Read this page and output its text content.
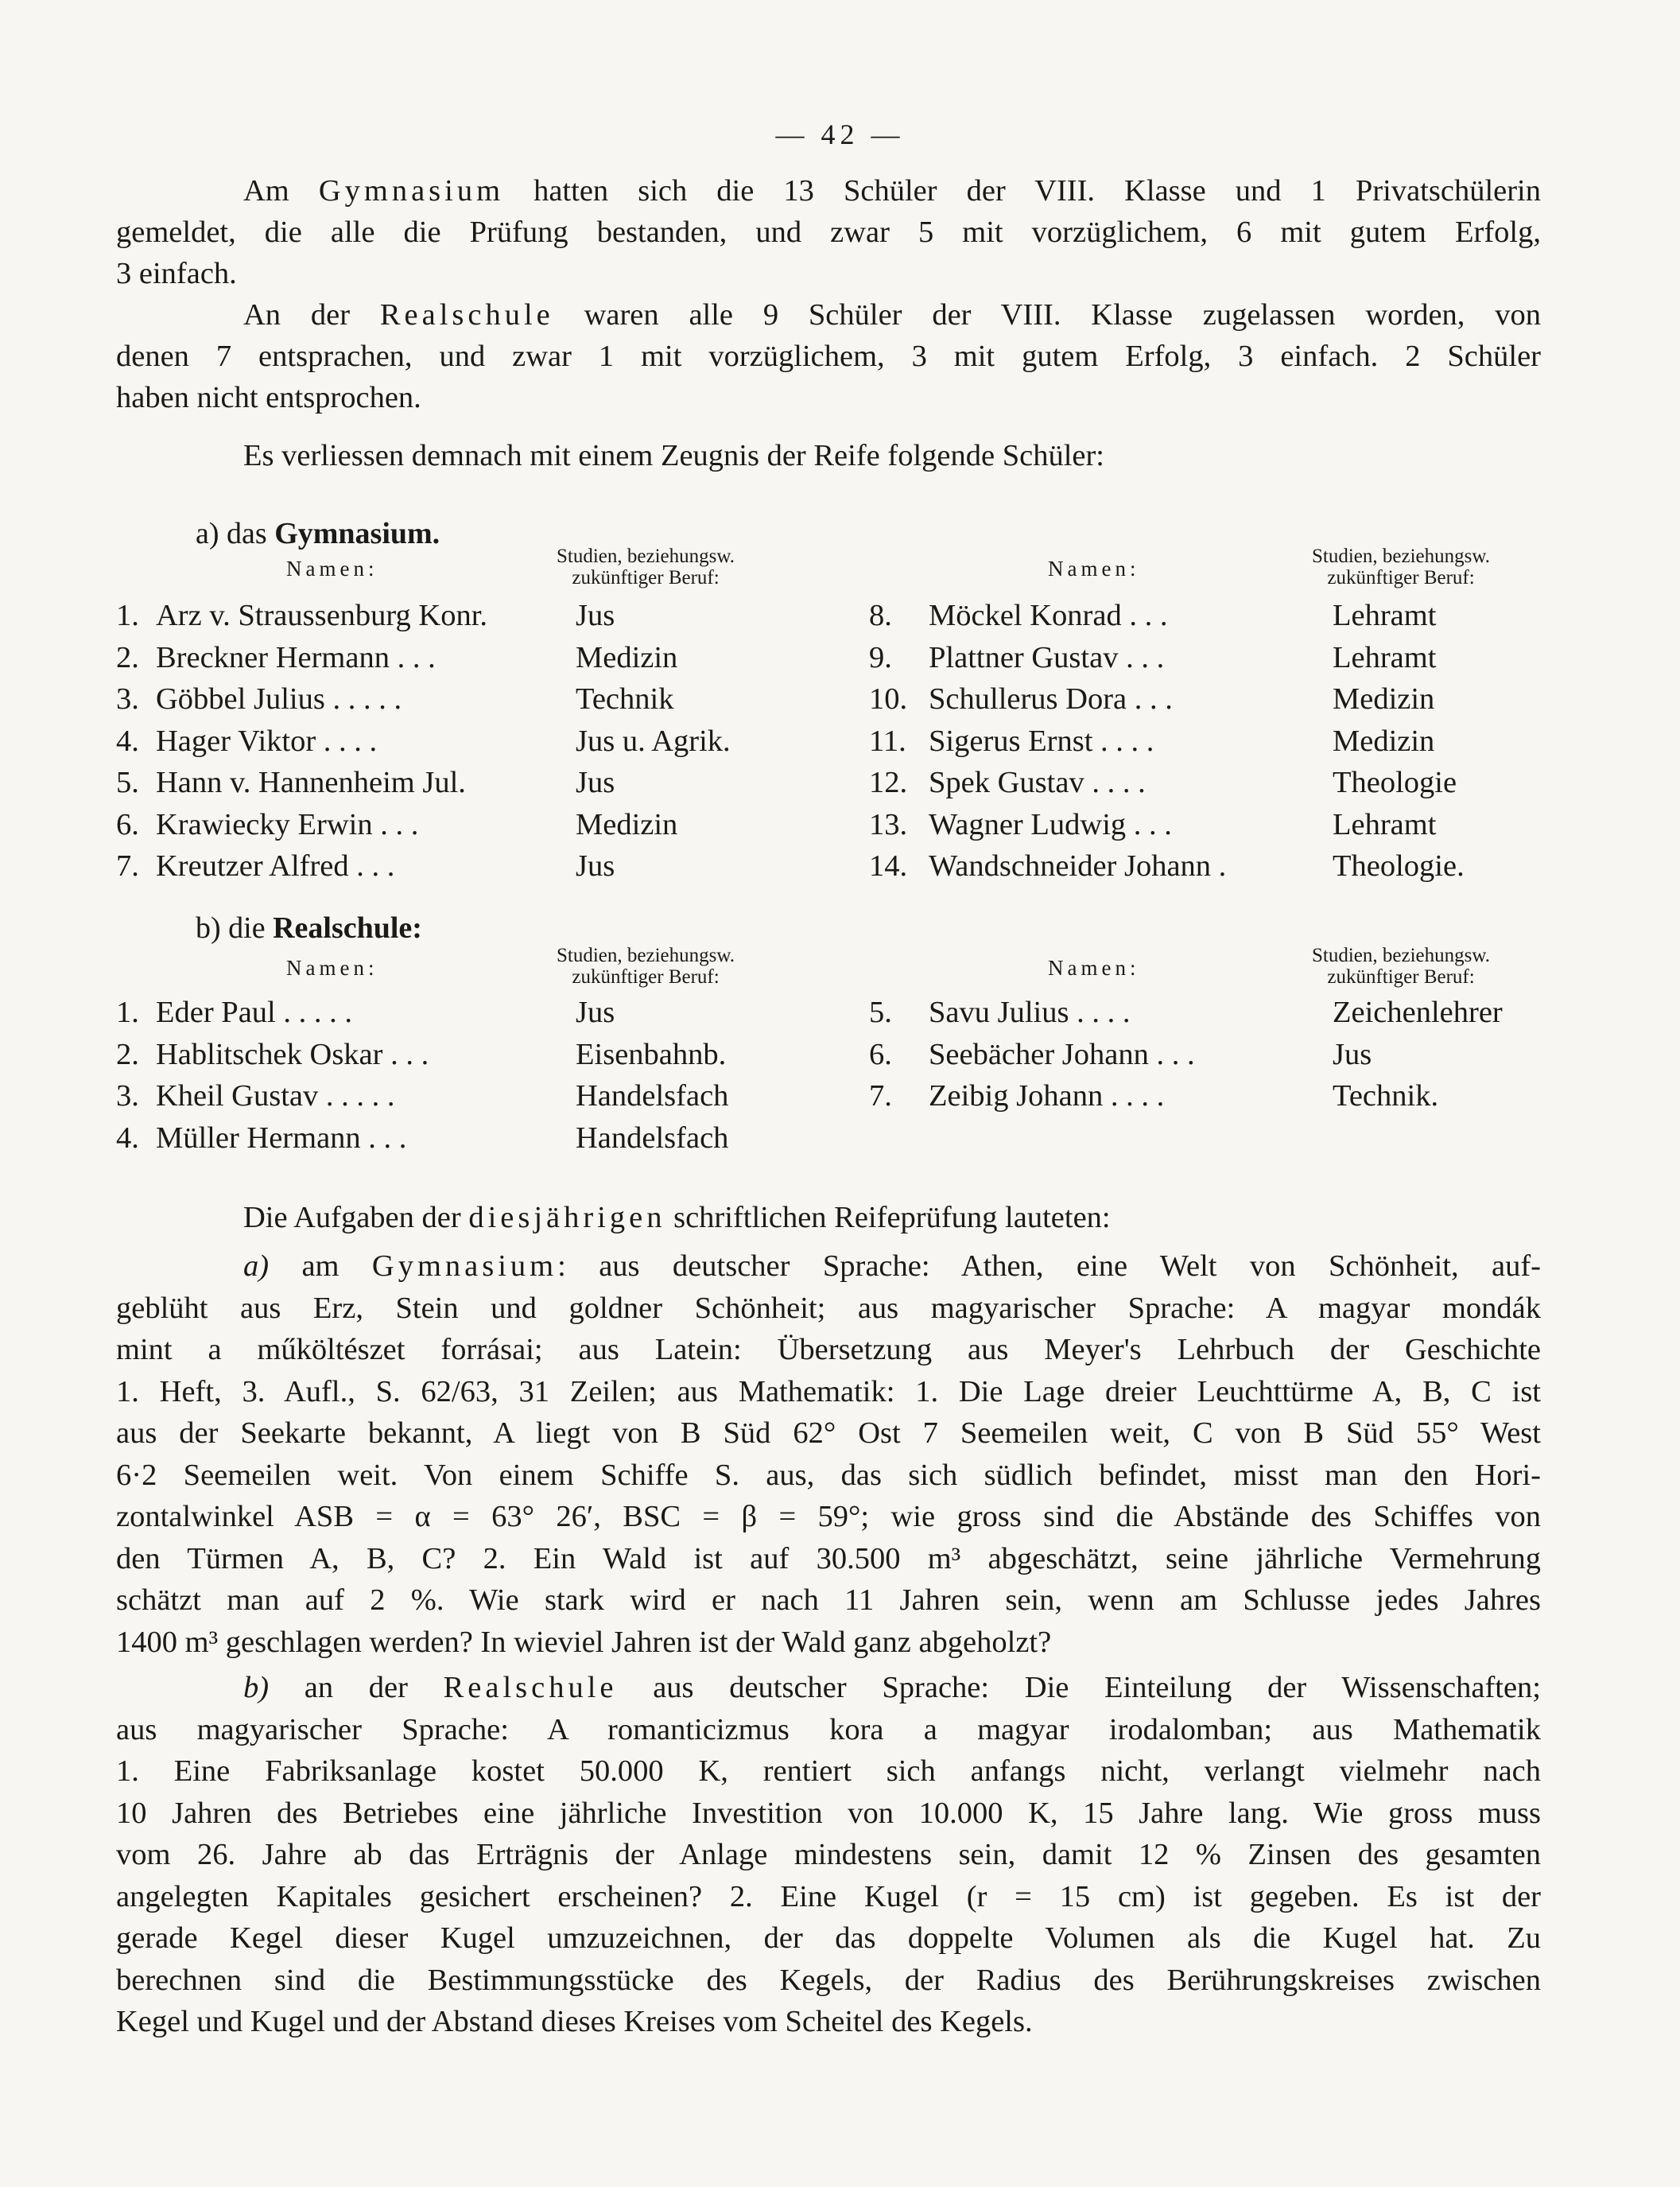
— 42 —
Am Gymnasium hatten sich die 13 Schüler der VIII. Klasse und 1 Privatschülerin
gemeldet, die alle die Prüfung bestanden, und zwar 5 mit vorzüglichem, 6 mit gutem Erfolg,
3 einfach.
An der Realschule waren alle 9 Schüler der VIII. Klasse zugelassen worden, von
denen 7 entsprachen, und zwar 1 mit vorzüglichem, 3 mit gutem Erfolg, 3 einfach. 2 Schüler
haben nicht entsprochen.
Es verliessen demnach mit einem Zeugnis der Reife folgende Schüler:
a) das Gymnasium.
Namen:
Studien, beziehungsw.
zukünftiger Beruf:	Namen:
Studien, beziehungsw.
zukünftiger Beruf:
1. Arz v. Straussenburg Konr.	Jus	8. Möckel Konrad . . .	Lehramt
2. Breckner Hermann . . .	Medizin	9. Plattner Gustav . . .	Lehramt
3. Göbbel Julius . . . . .	Technik	10. Schullerus Dora . . .	Medizin
4. Hager Viktor . . . .	Jus u. Agrik.	11. Sigerus Ernst . . . .	Medizin
5. Hann v. Hannenheim Jul.	Jus	12. Spek Gustav . . . .	Theologie
6. Krawiecky Erwin . . .	Medizin	13. Wagner Ludwig . . .	Lehramt
7. Kreutzer Alfred . . .	Jus	14. Wandschneider Johann .	Theologie.
b) die Realschule:
Namen:
Studien, beziehungsw.
zukünftiger Beruf:	Namen:
Studien, beziehungsw.
zukünftiger Beruf:
1. Eder Paul . . . . .	Jus	5. Savu Julius . . . .	Zeichenlehrer
2. Hablitschek Oskar . . .	Eisenbahnb.	6. Seebächer Johann . . .	Jus
3. Kheil Gustav . . . . .	Handelsfach	7. Zeibig Johann . . . .	Technik.
4. Müller Hermann . . .	Handelsfach
Die Aufgaben der diesjährigen schriftlichen Reifeprüfung lauteten:
a) am Gymnasium: aus deutscher Sprache: Athen, eine Welt von Schönheit, auf-
geblüht aus Erz, Stein und goldner Schönheit; aus magyarischer Sprache: A magyar mondák
mint a műköltészet forrásai; aus Latein: Übersetzung aus Meyer's Lehrbuch der Geschichte
1. Heft, 3. Aufl., S. 62/63, 31 Zeilen; aus Mathematik: 1. Die Lage dreier Leuchttürme A, B, C ist
aus der Seekarte bekannt, A liegt von B Süd 62° Ost 7 Seemeilen weit, C von B Süd 55° West
6·2 Seemeilen weit. Von einem Schiffe S. aus, das sich südlich befindet, misst man den Hori-
zontalwinkel ASB = α = 63° 26′, BSC = β = 59°; wie gross sind die Abstände des Schiffes von
den Türmen A, B, C? 2. Ein Wald ist auf 30.500 m³ abgeschätzt, seine jährliche Vermehrung
schätzt man auf 2 %. Wie stark wird er nach 11 Jahren sein, wenn am Schlusse jedes Jahres
1400 m³ geschlagen werden? In wieviel Jahren ist der Wald ganz abgeholzt?
b) an der Realschule aus deutscher Sprache: Die Einteilung der Wissenschaften;
aus magyarischer Sprache: A romanticizmus kora a magyar irodalomban; aus Mathematik
1. Eine Fabriksanlage kostet 50.000 K, rentiert sich anfangs nicht, verlangt vielmehr nach
10 Jahren des Betriebes eine jährliche Investition von 10.000 K, 15 Jahre lang. Wie gross muss
vom 26. Jahre ab das Erträgnis der Anlage mindestens sein, damit 12 % Zinsen des gesamten
angelegten Kapitales gesichert erscheinen? 2. Eine Kugel (r = 15 cm) ist gegeben. Es ist der
gerade Kegel dieser Kugel umzuzeichnen, der das doppelte Volumen als die Kugel hat. Zu
berechnen sind die Bestimmungsstücke des Kegels, der Radius des Berührungskreises zwischen
Kegel und Kugel und der Abstand dieses Kreises vom Scheitel des Kegels.
